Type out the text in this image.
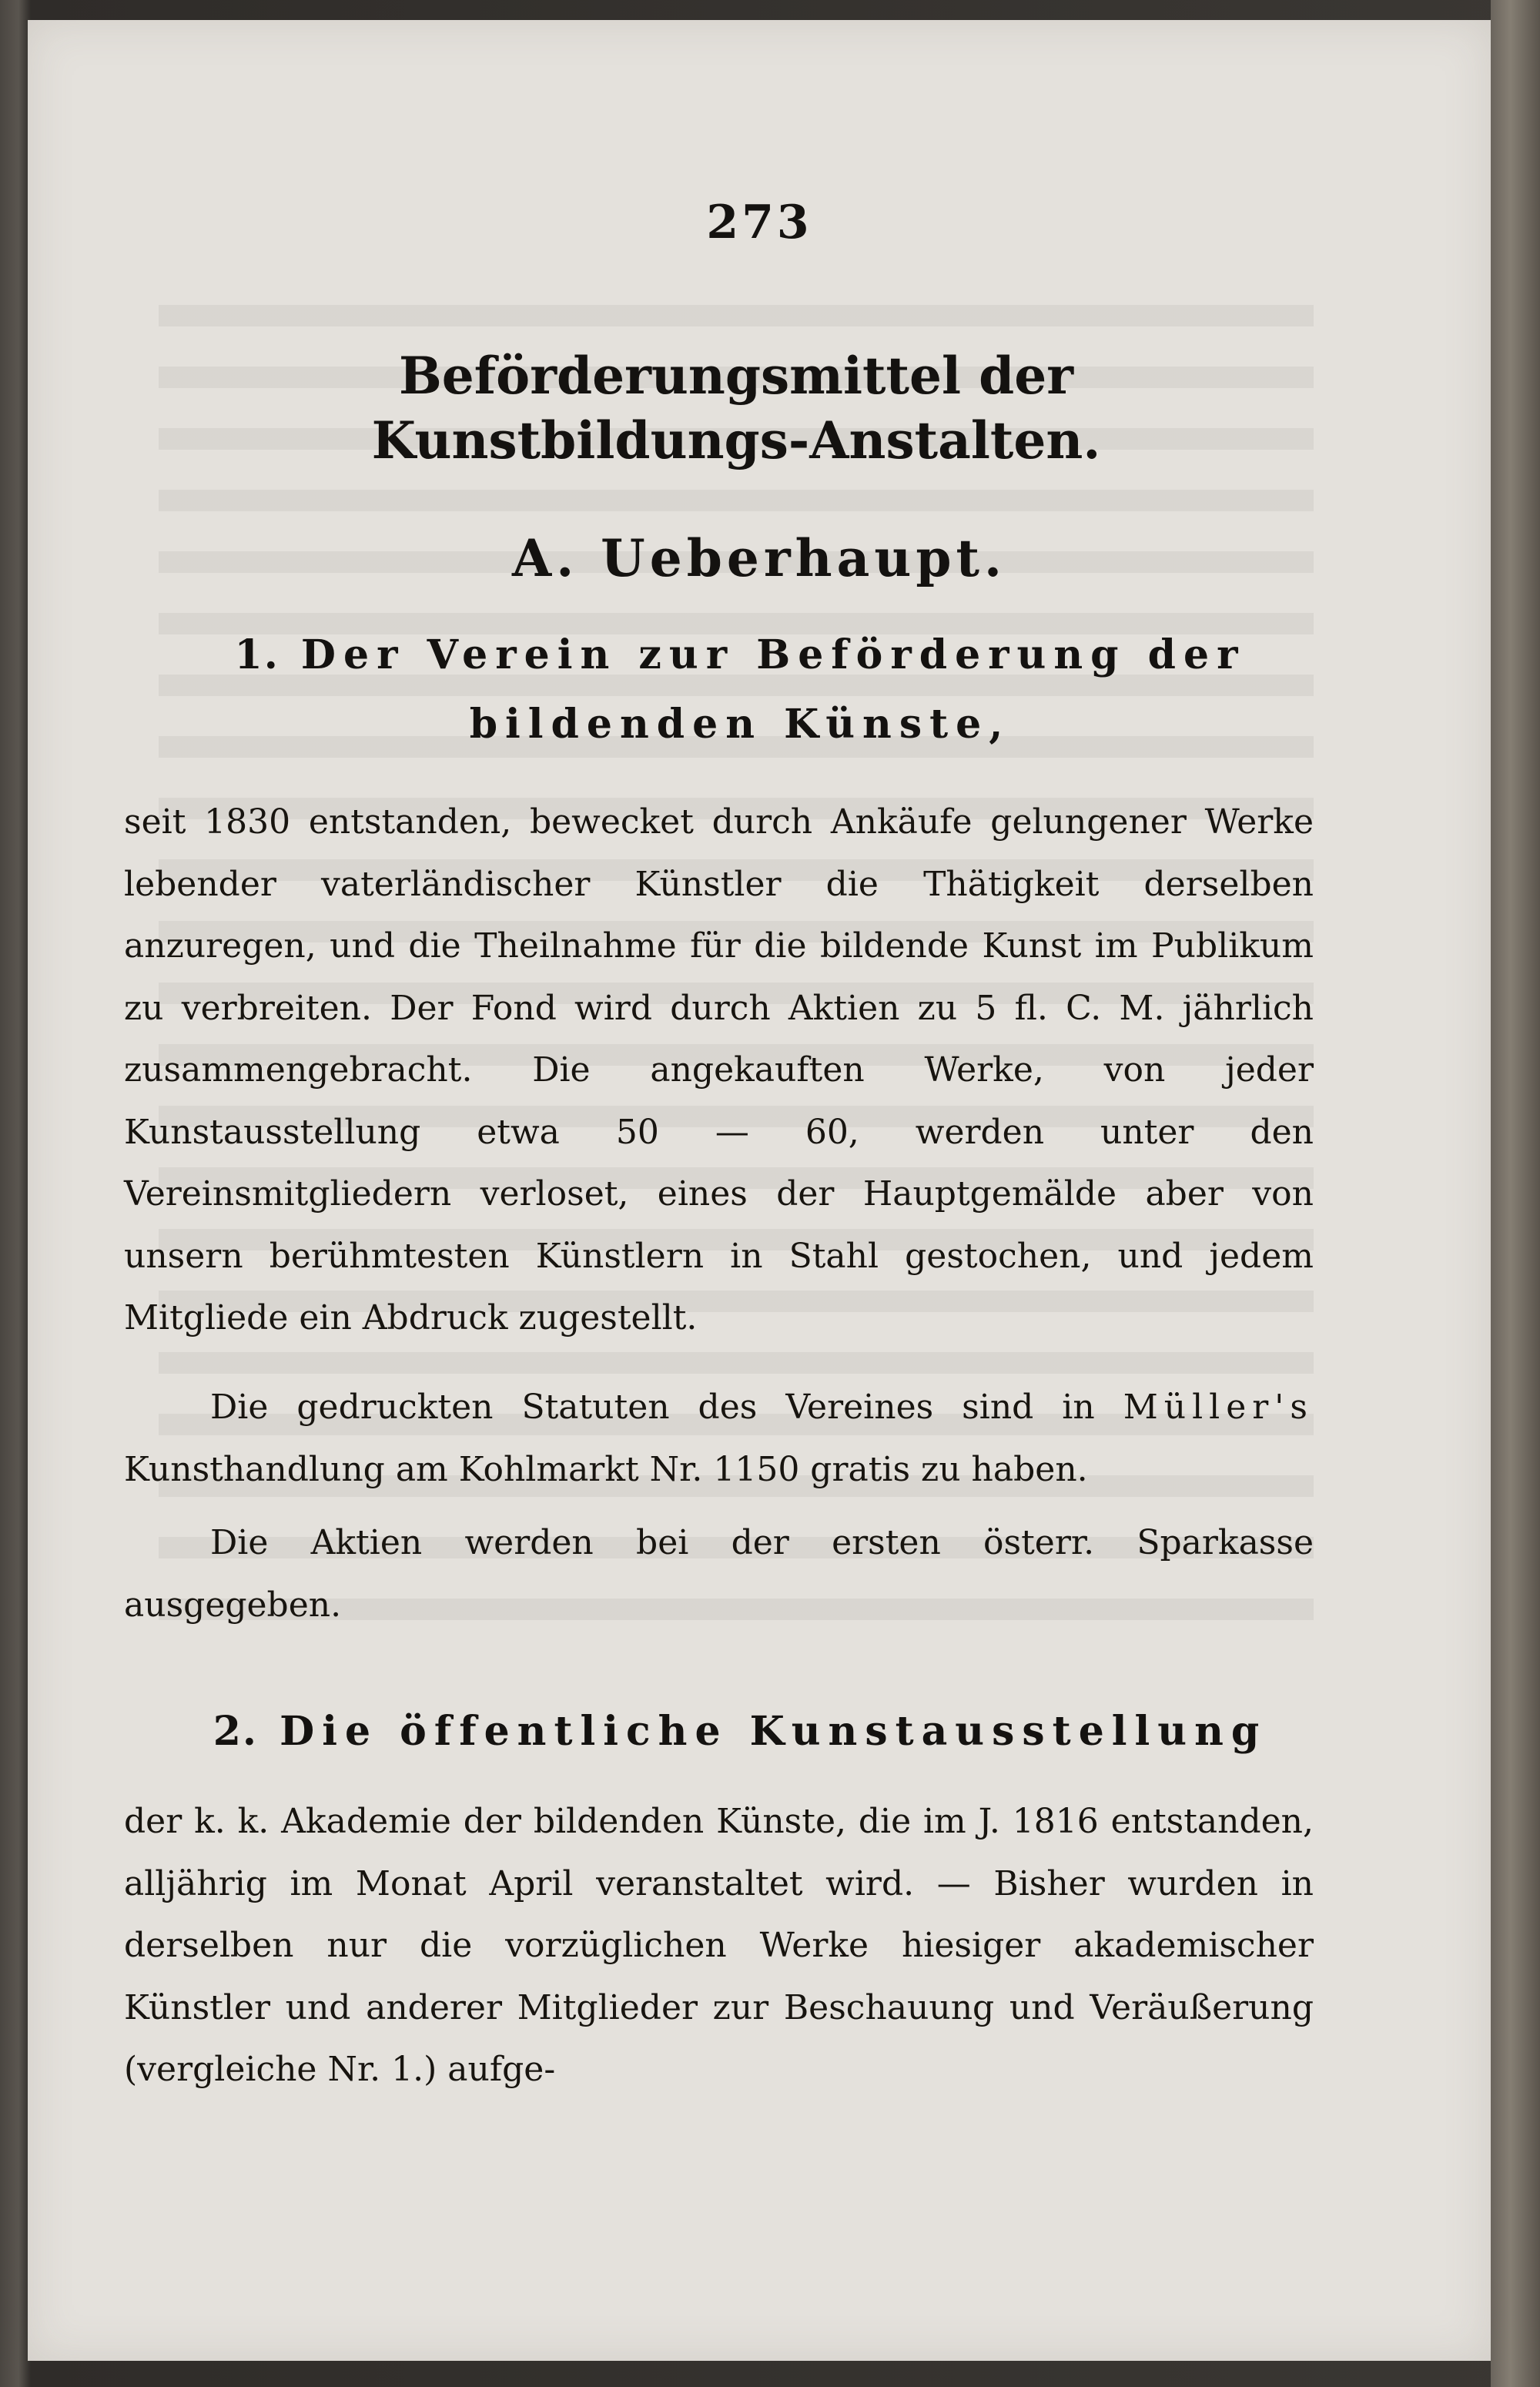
273

Beförderungsmittel der Kunstbildungs-Anstalten.
A. Ueberhaupt.
1. Der Verein zur Beförderung der bildenden Künste,

seit 1830 entstanden, bewecket durch Ankäufe gelungener Werke lebender vaterländischer Künstler die Thätigkeit derselben anzuregen, und die Theilnahme für die bildende Kunst im Publikum zu verbreiten. Der Fond wird durch Aktien zu 5 fl. C. M. jährlich zusammengebracht. Die angekauften Werke, von jeder Kunstausstellung etwa 50 — 60, werden unter den Vereinsmitgliedern verloset, eines der Hauptgemälde aber von unsern berühmtesten Künstlern in Stahl gestochen, und jedem Mitgliede ein Abdruck zugestellt.

Die gedruckten Statuten des Vereines sind in Müller's Kunsthandlung am Kohlmarkt Nr. 1150 gratis zu haben.

Die Aktien werden bei der ersten österr. Sparkasse ausgegeben.

2. Die öffentliche Kunstausstellung

der k. k. Akademie der bildenden Künste, die im J. 1816 entstanden, alljährig im Monat April veranstaltet wird. — Bisher wurden in derselben nur die vorzüglichen Werke hiesiger akademischer Künstler und anderer Mitglieder zur Beschauung und Veräußerung (vergleiche Nr. 1.) aufge-
